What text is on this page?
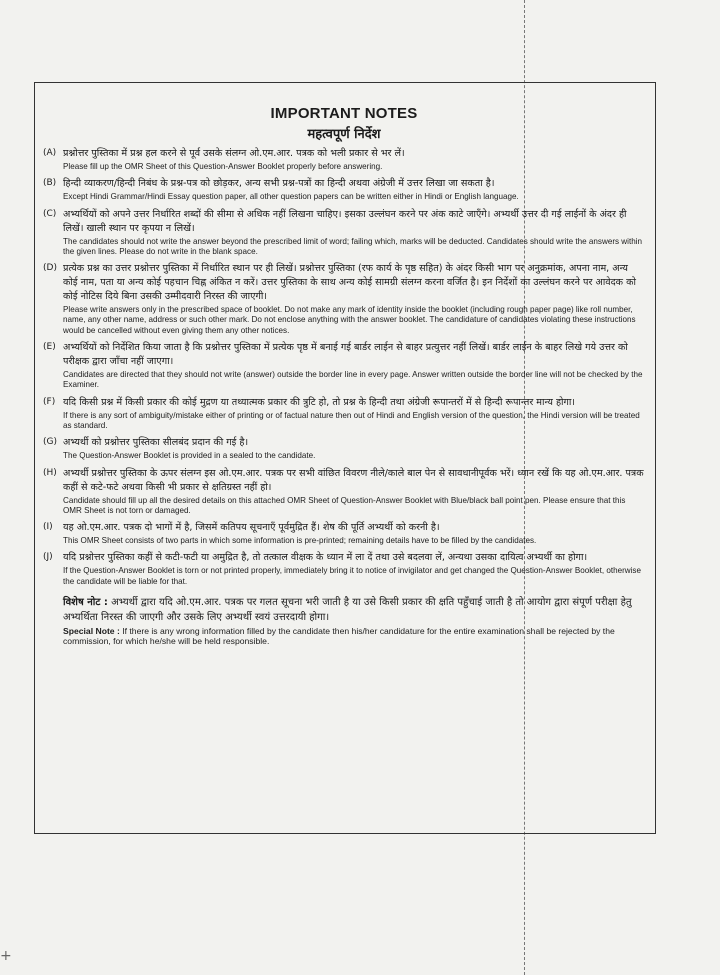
IMPORTANT NOTES
महत्वपूर्ण निर्देश
(A) प्रश्नोत्तर पुस्तिका में प्रश्न हल करने से पूर्व उसके संलग्न ओ.एम.आर. पत्रक को भली प्रकार से भर लें।
Please fill up the OMR Sheet of this Question-Answer Booklet properly before answering.
(B) हिन्दी व्याकरण/हिन्दी निबंध के प्रश्न-पत्र को छोड़कर, अन्य सभी प्रश्न-पत्रों का हिन्दी अथवा अंग्रेजी में उत्तर लिखा जा सकता है।
Except Hindi Grammar/Hindi Essay question paper, all other question papers can be written either in Hindi or English language.
(C) अभ्यर्थियों को अपने उत्तर निर्धारित शब्दों की सीमा से अधिक नहीं लिखना चाहिए। इसका उल्लंघन करने पर अंक काटे जाएँगे। अभ्यर्थी उत्तर दी गई लाईनों के अंदर ही लिखें। खाली स्थान पर कृपया न लिखें।
The candidates should not write the answer beyond the prescribed limit of word; failing which, marks will be deducted. Candidates should write the answers within the given lines. Please do not write in the blank space.
(D) प्रत्येक प्रश्न का उत्तर प्रश्नोत्तर पुस्तिका में निर्धारित स्थान पर ही लिखें। प्रश्नोत्तर पुस्तिका (रफ कार्य के पृष्ठ सहित) के अंदर किसी भाग पर अनुक्रमांक, अपना नाम, अन्य कोई नाम, पता या अन्य कोई पहचान चिह्न अंकित न करें। उत्तर पुस्तिका के साथ अन्य कोई सामग्री संलग्न करना वर्जित है। इन निर्देशों का उल्लंघन करने पर आवेदक को कोई नोटिस दिये बिना उसकी उम्मीदवारी निरस्त की जाएगी।
Please write answers only in the prescribed space of booklet. Do not make any mark of identity inside the booklet (including rough paper page) like roll number, name, any other name, address or such other mark. Do not enclose anything with the answer booklet. The candidature of candidates violating these instructions would be cancelled without even giving them any other notices.
(E) अभ्यर्थियों को निर्देशित किया जाता है कि प्रश्नोत्तर पुस्तिका में प्रत्येक पृष्ठ में बनाई गई बार्डर लाईन से बाहर प्रत्युत्तर नहीं लिखें। बार्डर लाईन के बाहर लिखे गये उत्तर को परीक्षक द्वारा जाँचा नहीं जाएगा।
Candidates are directed that they should not write (answer) outside the border line in every page. Answer written outside the border line will not be checked by the Examiner.
(F) यदि किसी प्रश्न में किसी प्रकार की कोई मुद्रण या तथ्यात्मक प्रकार की त्रुटि हो, तो प्रश्न के हिन्दी तथा अंग्रेजी रूपान्तरों में से हिन्दी रूपान्तर मान्य होगा।
If there is any sort of ambiguity/mistake either of printing or of factual nature then out of Hindi and English version of the question, the Hindi version will be treated as standard.
(G) अभ्यर्थी को प्रश्नोत्तर पुस्तिका सीलबंद प्रदान की गई है।
The Question-Answer Booklet is provided in a sealed to the candidate.
(H) अभ्यर्थी प्रश्नोत्तर पुस्तिका के ऊपर संलग्न इस ओ.एम.आर. पत्रक पर सभी वांछित विवरण नीले/काले बाल पेन से सावधानीपूर्वक भरें। ध्यान रखें कि यह ओ.एम.आर. पत्रक कहीं से कटे-फटे अथवा किसी भी प्रकार से क्षतिग्रस्त नहीं हो।
Candidate should fill up all the desired details on this attached OMR Sheet of Question-Answer Booklet with Blue/black ball point pen. Please ensure that this OMR Sheet is not torn or damaged.
(I)	यह ओ.एम.आर. पत्रक दो भागों में है, जिसमें कतिपय सूचनाएँ पूर्वमुद्रित हैं। शेष की पूर्ति अभ्यर्थी को करनी है।
This OMR Sheet consists of two parts in which some information is pre-printed; remaining details have to be filled by the candidates.
(J)	यदि प्रश्नोत्तर पुस्तिका कहीं से कटी-फटी या अमुद्रित है, तो तत्काल वीक्षक के ध्यान में ला दें तथा उसे बदलवा लें, अन्यथा उसका दायित्व अभ्यर्थी का होगा।
If the Question-Answer Booklet is torn or not printed properly, immediately bring it to notice of invigilator and get changed the Question-Answer Booklet, otherwise the candidate will be liable for that.
विशेष नोट : अभ्यर्थी द्वारा यदि ओ.एम.आर. पत्रक पर गलत सूचना भरी जाती है या उसे किसी प्रकार की क्षति पहुँचाई जाती है तो आयोग द्वारा संपूर्ण परीक्षा हेतु अभ्यर्थिता निरस्त की जाएगी और उसके लिए अभ्यर्थी स्वयं उत्तरदायी होगा।
Special Note : If there is any wrong information filled by the candidate then his/her candidature for the entire examination shall be rejected by the commission, for which he/she will be held responsible.
+
